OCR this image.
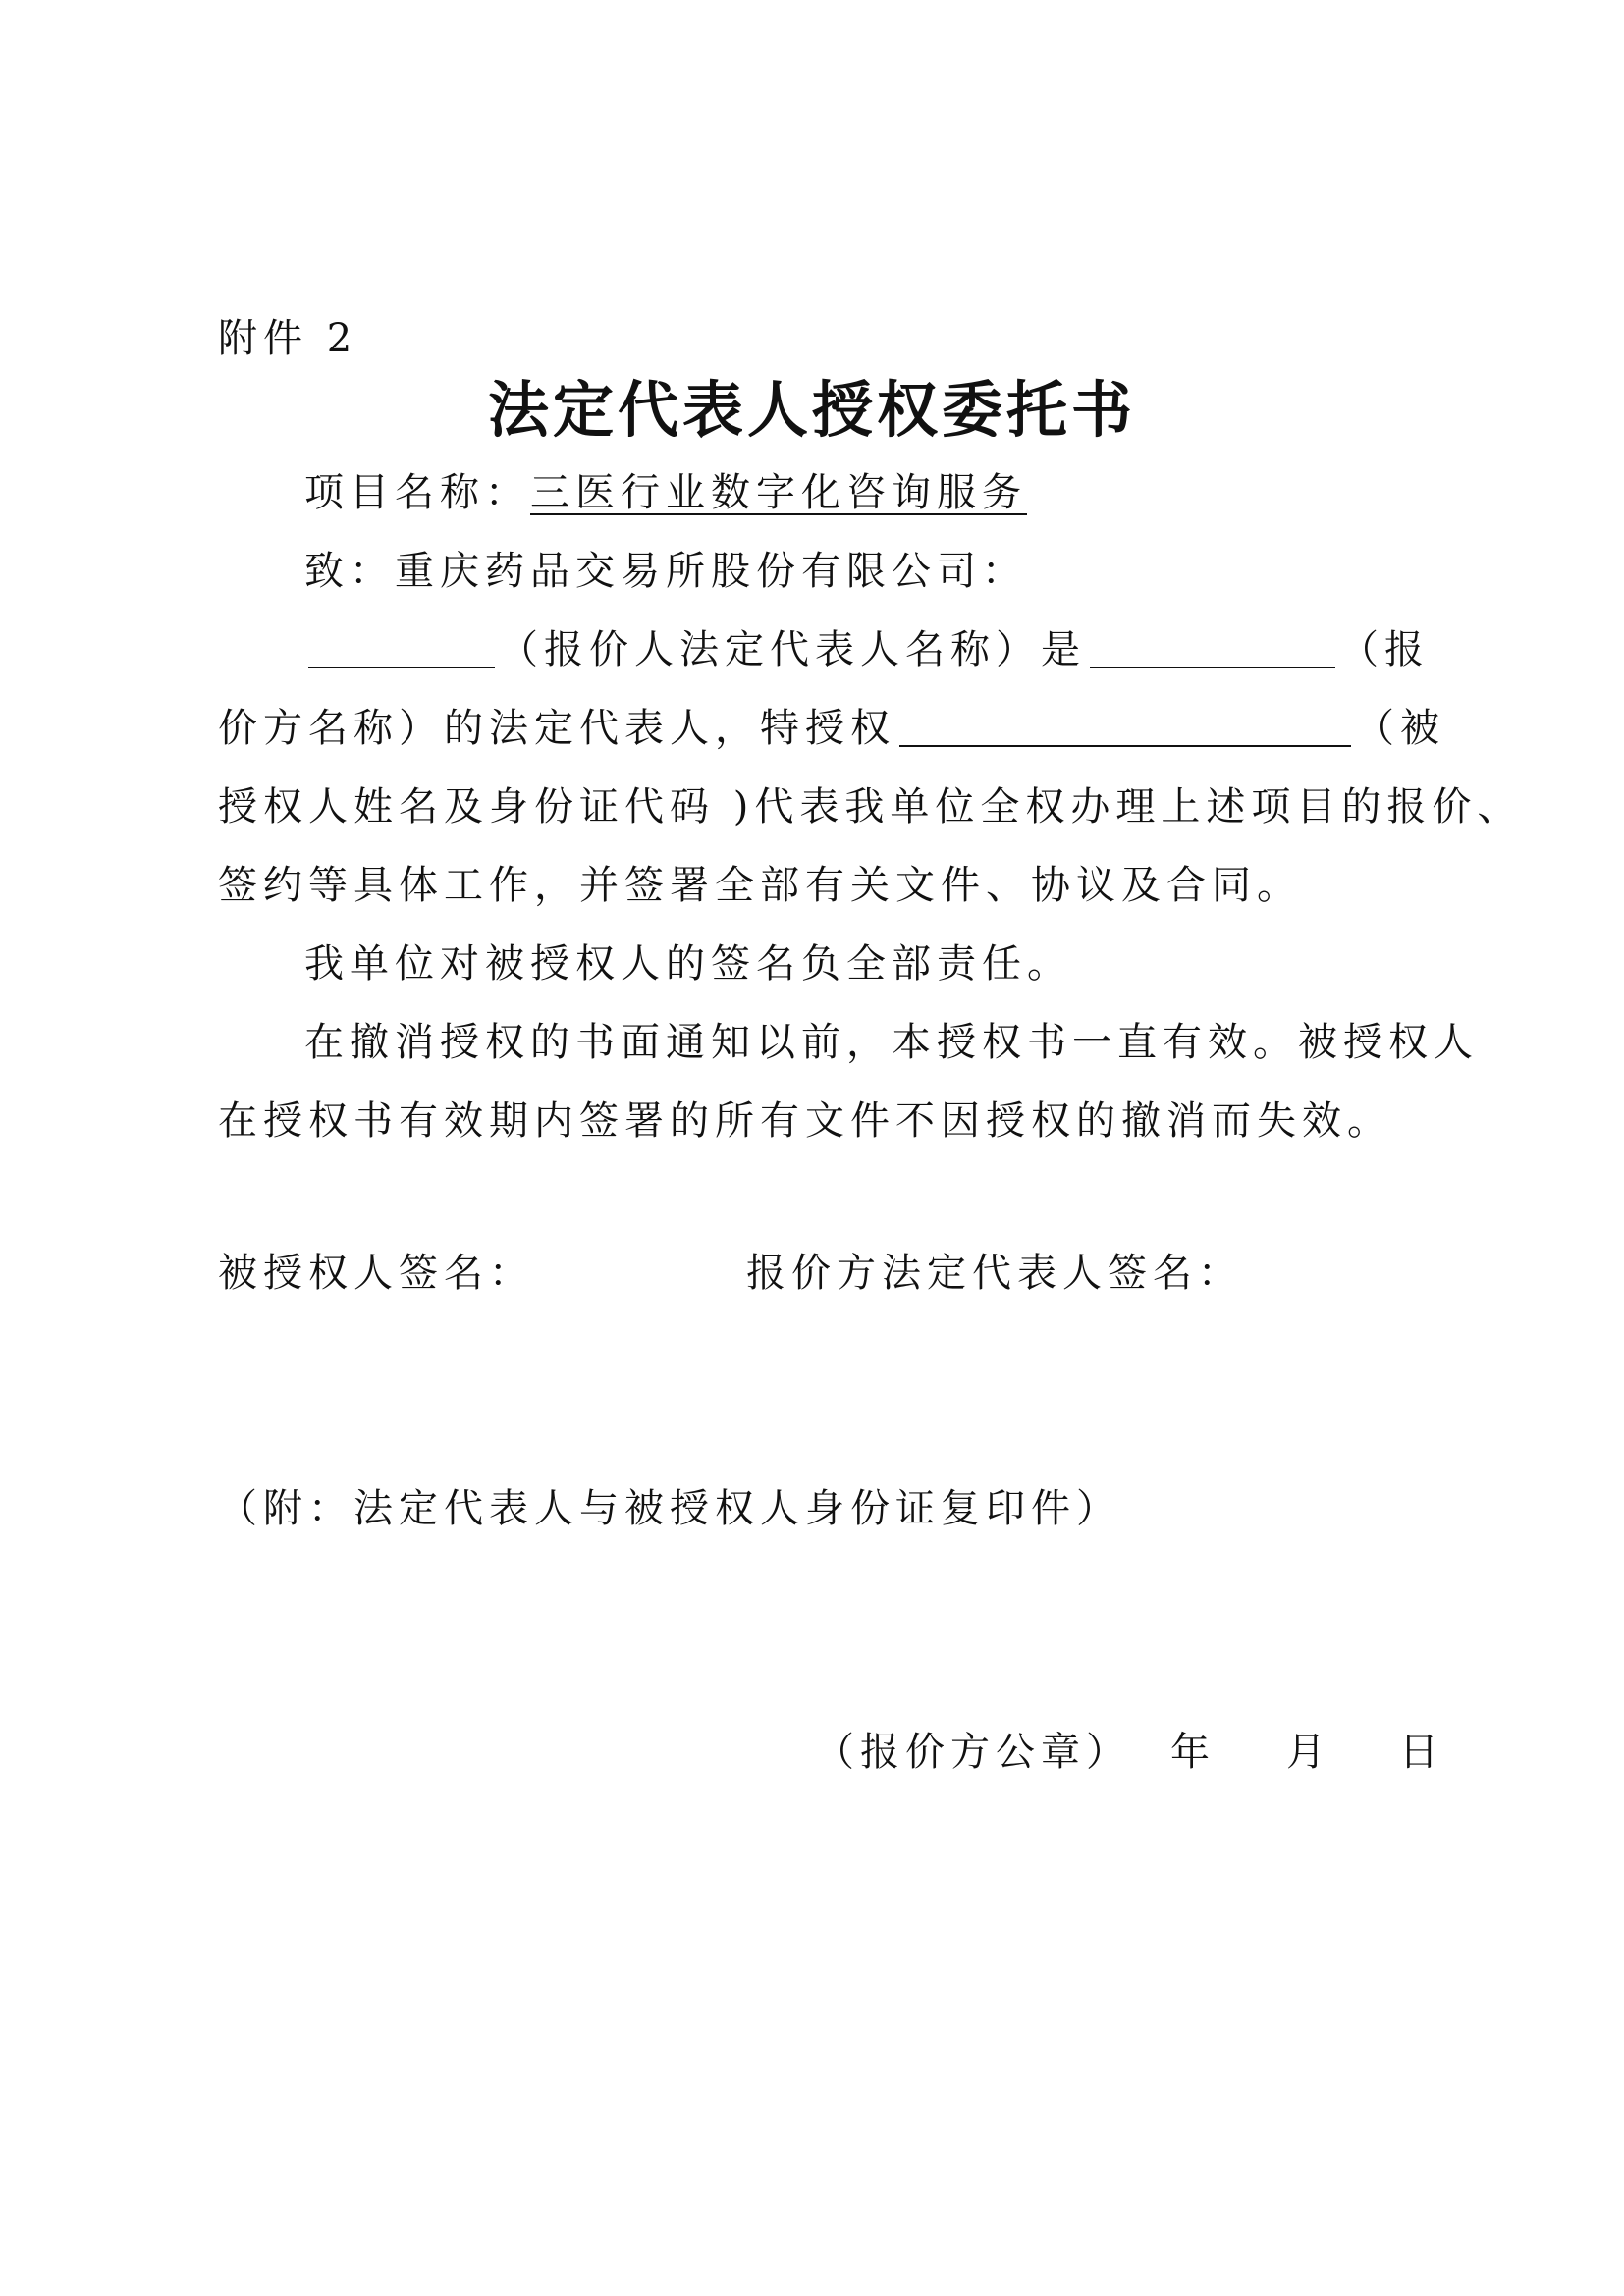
附件 2
法定代表人授权委托书
项目名称：三医行业数字化咨询服务
致：重庆药品交易所股份有限公司：
（报价人法定代表人名称）是	（报
价方名称）的法定代表人，特授权	（被
授权人姓名及身份证代码 )代表我单位全权办理上述项目的报价、
签约等具体工作，并签署全部有关文件、协议及合同。
我单位对被授权人的签名负全部责任。
在撤消授权的书面通知以前，本授权书一直有效。被授权人
在授权书有效期内签署的所有文件不因授权的撤消而失效。
被授权人签名：	报价方法定代表人签名：
（附：法定代表人与被授权人身份证复印件）
（报价方公章） 年 月 日
